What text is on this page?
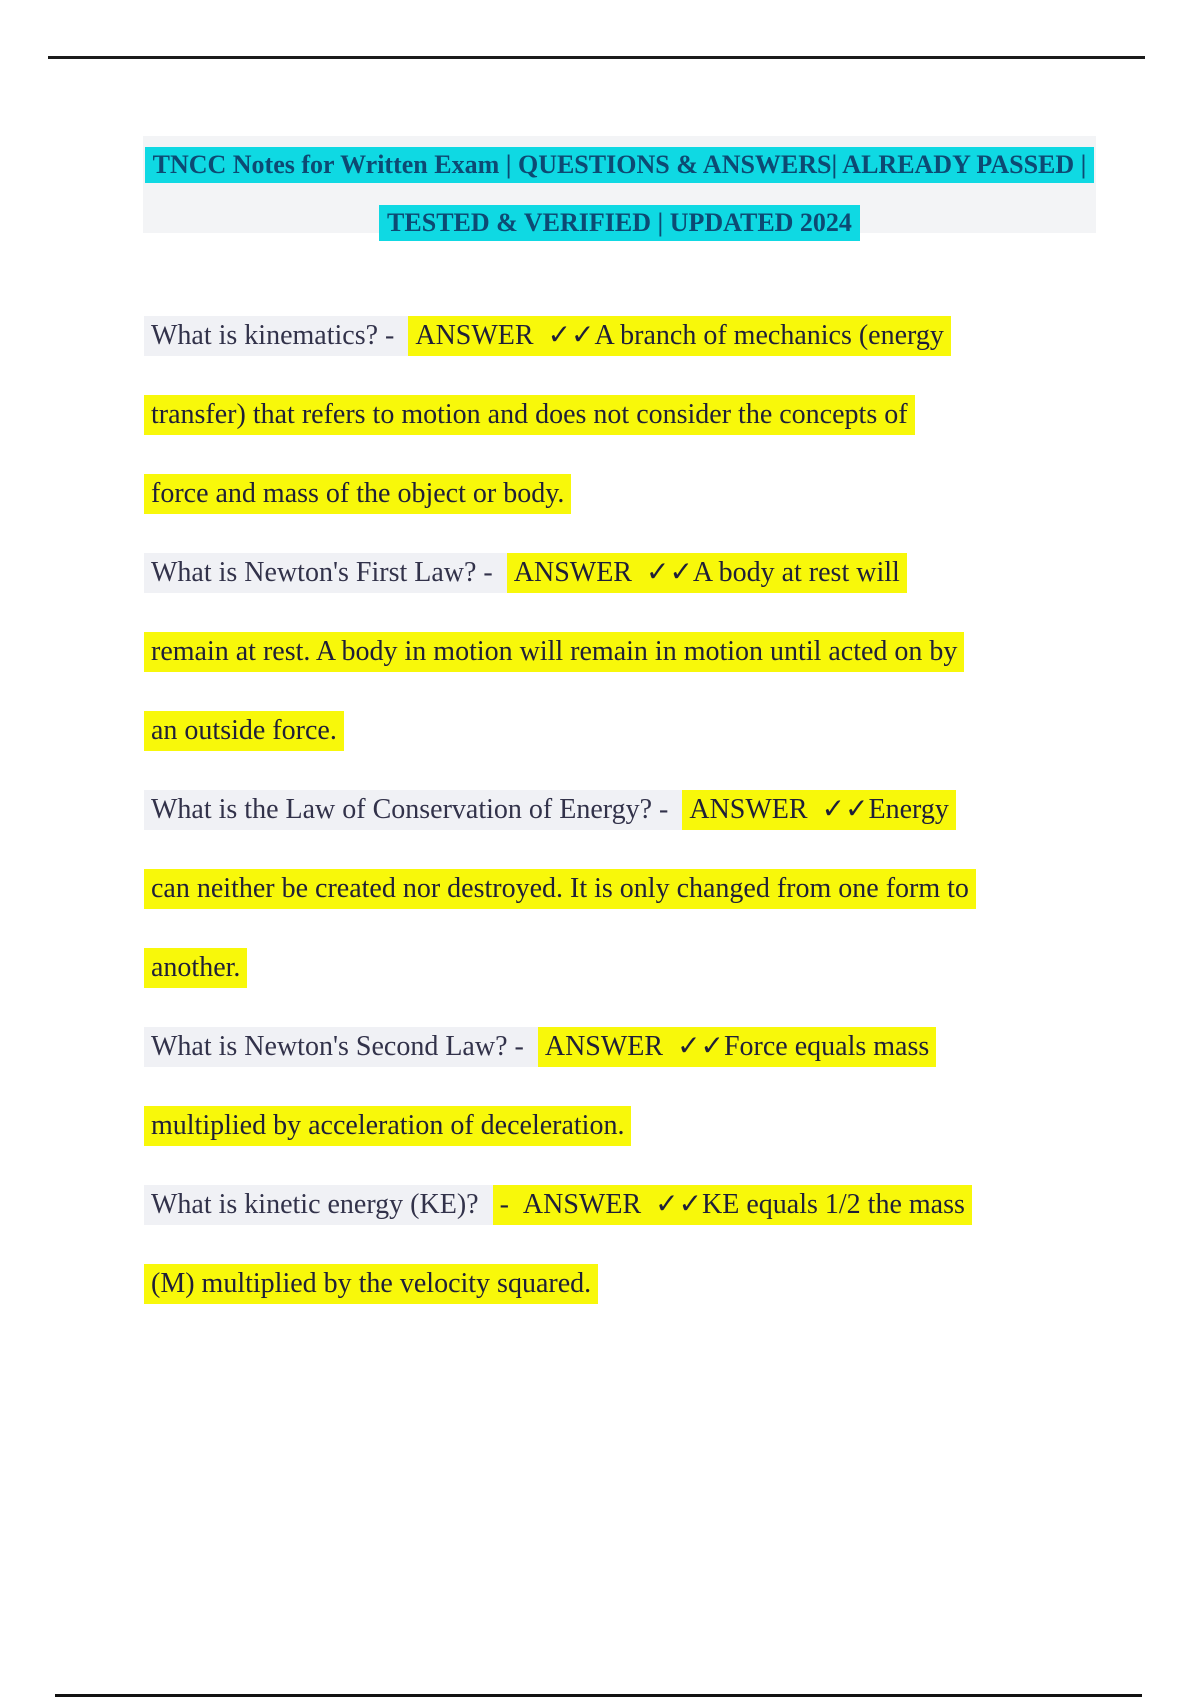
TNCC Notes for Written Exam | QUESTIONS & ANSWERS| ALREADY PASSED |
TESTED & VERIFIED | UPDATED 2024
What is kinematics? - ANSWER  ✓✓A branch of mechanics (energy
transfer) that refers to motion and does not consider the concepts of
force and mass of the object or body.
What is Newton's First Law? - ANSWER  ✓✓A body at rest will
remain at rest. A body in motion will remain in motion until acted on by
an outside force.
What is the Law of Conservation of Energy? - ANSWER  ✓✓Energy
can neither be created nor destroyed. It is only changed from one form to
another.
What is Newton's Second Law? - ANSWER  ✓✓Force equals mass
multiplied by acceleration of deceleration.
What is kinetic energy (KE)? -  ANSWER  ✓✓KE equals 1/2 the mass
(M) multiplied by the velocity squared.
